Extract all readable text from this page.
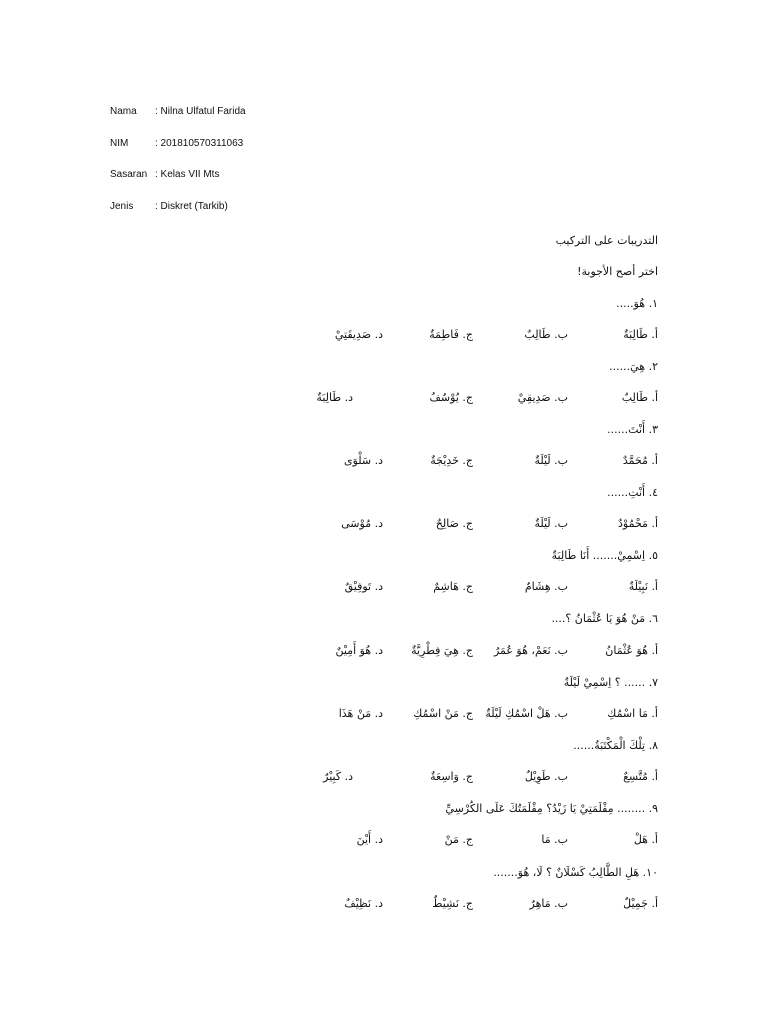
Nama : Nilna Ulfatul Farida
NIM	: 201810570311063
Sasaran : Kelas VII Mts
Jenis : Diskret (Tarkib)
التدريبات على التركيب
اختر أصح الأجوبة!
١. هُوَ.....
أ. طَالِبَةٌ
ب. طَالِبٌ
ج. فَاطِمَةٌ
د. صَدِيقَتِيْ
٢. هِيَ......
أ. طَالِبٌ
ب. صَدِيقِيْ
ج. يُوْسُفُ
د. طَالِبَةٌ
٣. أَنْتَ......
أ. مُحَمَّدٌ
ب. لَيْلَةٌ
ج. خَدِيْجَةٌ
د. سَلْوَى
٤. أَنْتِ......
أ. مَحْمُوْدٌ
ب. لَيْلَةٌ
ج. صَالِحٌ
د. مُوْسَى
٥. اِسْمِيْ....... أَنَا طَالِبَةٌ
أ. نَبِيْلَةٌ
ب. هِشَامٌ
ج. هَاشِمٌ
د. تَوفِيْقٌ
٦. مَنْ هُوَ يَا عُثْمَانُ ؟....
أ. هُوَ عُثْمَانُ
ب. نَعَمْ، هُوَ عُمَرُ
ج. هِيَ فِطْرِيَّةٌ
د. هُوَ أَمِيْنٌ
٧. ...... ؟ اِسْمِيْ لَيْلَةٌ
أ. مَا اسْمُكِ
ب. هَلْ اسْمُكِ لَيْلَةٌ
ج. مَنْ اسْمُكِ
د. مَنْ هَذَا
٨. تِلْكَ الْمَكْتَبَةُ......
أ. مُتَّسِعٌ
ب. طَوِيْلٌ
ج. وَاسِعَةٌ
د. كَبِيْرٌ
٩. ........ مِقْلَمَتِيْ يَا زَيْدُ؟ مِقْلَمَتُكَ عَلَى الكُرْسِيِّ
أ. هَلْ
ب. مَا
ج. مَنْ
د. أَيْنَ
١٠. هَلِ الطَّالِبُ كَسْلَانٌ ؟ لَا، هُوَ.......
أ. جَمِيْلٌ
ب. مَاهِرٌ
ج. نَشِيْطٌ
د. نَظِيْفٌ
